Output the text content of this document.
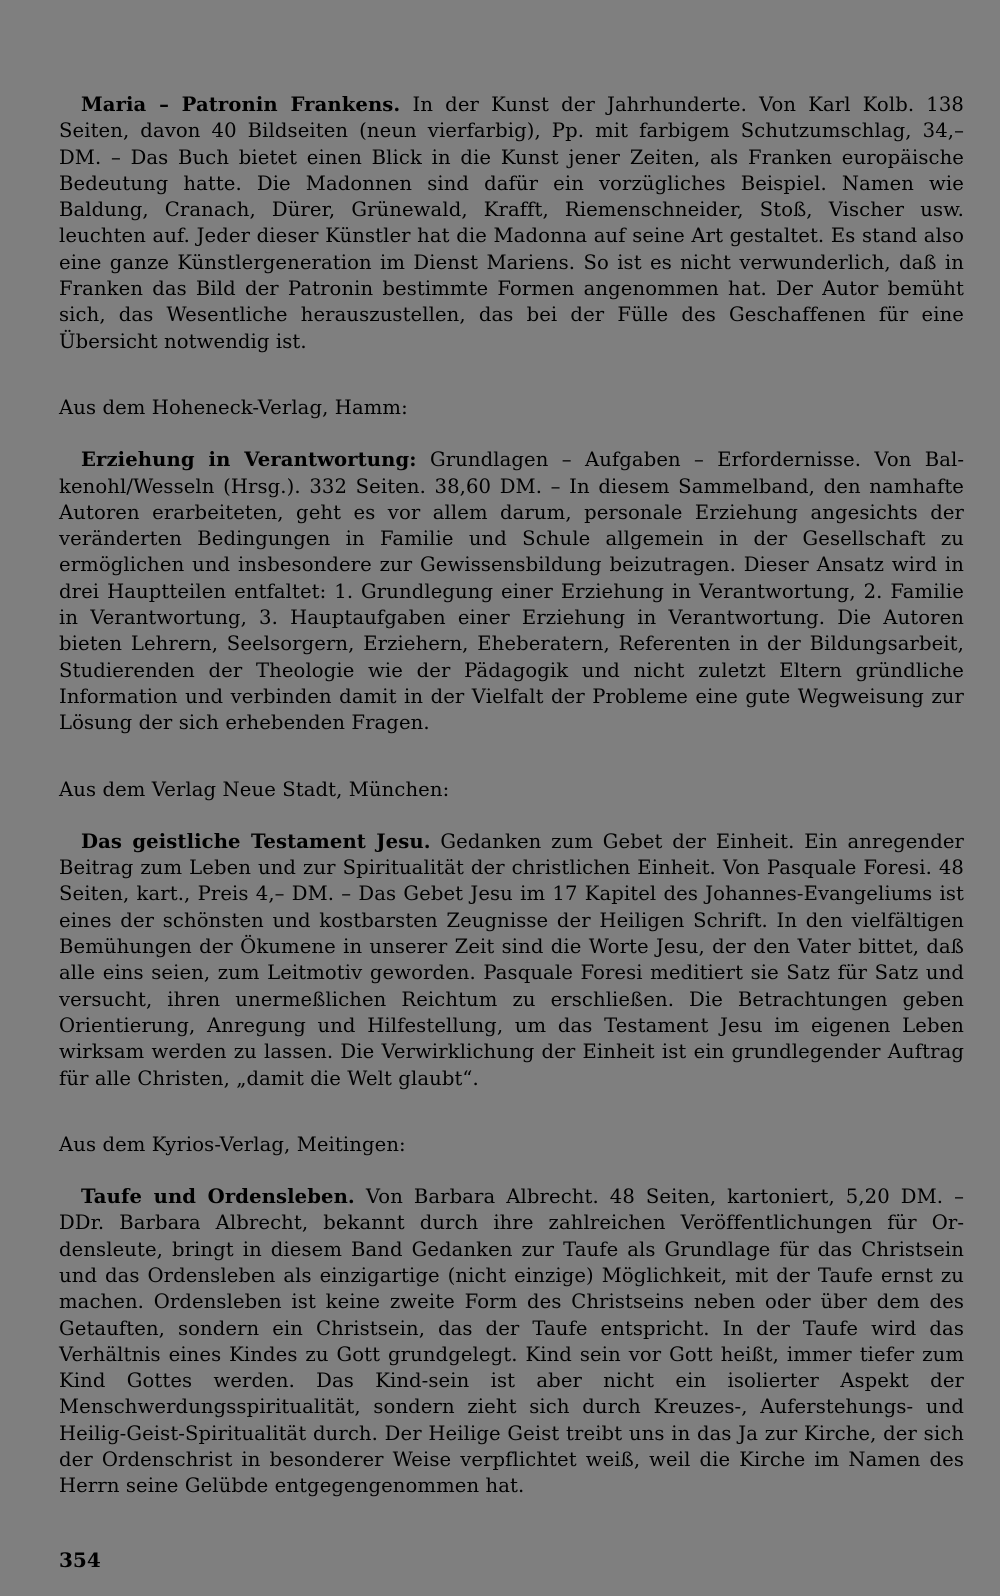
Maria – Patronin Frankens. In der Kunst der Jahrhunderte. Von Karl Kolb. 138 Seiten, davon 40 Bildseiten (neun vierfarbig), Pp. mit farbigem Schutzumschlag, 34,– DM. – Das Buch bietet einen Blick in die Kunst jener Zeiten, als Franken europäische Bedeutung hatte. Die Madonnen sind dafür ein vorzügliches Beispiel. Namen wie Baldung, Cranach, Dürer, Grünewald, Krafft, Riemenschneider, Stoß, Vischer usw. leuchten auf. Jeder dieser Künstler hat die Madonna auf seine Art gestaltet. Es stand also eine ganze Künstlergeneration im Dienst Mariens. So ist es nicht verwunderlich, daß in Franken das Bild der Patronin bestimmte Formen angenommen hat. Der Autor bemüht sich, das Wesentliche herauszustellen, das bei der Fülle des Geschaffenen für eine Übersicht notwendig ist.

Aus dem Hoheneck-Verlag, Hamm:

Erziehung in Verantwortung: Grundlagen – Aufgaben – Erfordernisse. Von Balkenohl/Wesseln (Hrsg.). 332 Seiten. 38,60 DM. – In diesem Sammelband, den namhafte Autoren erarbeiteten, geht es vor allem darum, personale Erziehung angesichts der veränderten Bedingungen in Familie und Schule allgemein in der Gesellschaft zu ermöglichen und insbesondere zur Gewissensbildung beizutragen. Dieser Ansatz wird in drei Hauptteilen entfaltet: 1. Grundlegung einer Erziehung in Verantwortung, 2. Familie in Verantwortung, 3. Hauptaufgaben einer Erziehung in Verantwortung. Die Autoren bieten Lehrern, Seelsorgern, Erziehern, Eheberatern, Referenten in der Bildungsarbeit, Studierenden der Theologie wie der Pädagogik und nicht zuletzt Eltern gründliche Information und verbinden damit in der Vielfalt der Probleme eine gute Wegweisung zur Lösung der sich erhebenden Fragen.

Aus dem Verlag Neue Stadt, München:

Das geistliche Testament Jesu. Gedanken zum Gebet der Einheit. Ein anregender Beitrag zum Leben und zur Spiritualität der christlichen Einheit. Von Pasquale Foresi. 48 Seiten, kart., Preis 4,– DM. – Das Gebet Jesu im 17 Kapitel des Johannes-Evangeliums ist eines der schönsten und kostbarsten Zeugnisse der Heiligen Schrift. In den vielfältigen Bemühungen der Ökumene in unserer Zeit sind die Worte Jesu, der den Vater bittet, daß alle eins seien, zum Leitmotiv geworden. Pasquale Foresi meditiert sie Satz für Satz und versucht, ihren unermeßlichen Reichtum zu erschließen. Die Betrachtungen geben Orientierung, Anregung und Hilfestellung, um das Testament Jesu im eigenen Leben wirksam werden zu lassen. Die Verwirklichung der Einheit ist ein grundlegender Auftrag für alle Christen, „damit die Welt glaubt“.

Aus dem Kyrios-Verlag, Meitingen:

Taufe und Ordensleben. Von Barbara Albrecht. 48 Seiten, kartoniert, 5,20 DM. – DDr. Barbara Albrecht, bekannt durch ihre zahlreichen Veröffentlichungen für Ordensleute, bringt in diesem Band Gedanken zur Taufe als Grundlage für das Christsein und das Ordensleben als einzigartige (nicht einzige) Möglichkeit, mit der Taufe ernst zu machen. Ordensleben ist keine zweite Form des Christseins neben oder über dem des Getauften, sondern ein Christsein, das der Taufe entspricht. In der Taufe wird das Verhältnis eines Kindes zu Gott grundgelegt. Kind sein vor Gott heißt, immer tiefer zum Kind Gottes werden. Das Kind-sein ist aber nicht ein isolierter Aspekt der Menschwerdungsspiritualität, sondern zieht sich durch Kreuzes-, Auferstehungs- und Heilig-Geist-Spiritualität durch. Der Heilige Geist treibt uns in das Ja zur Kirche, der sich der Ordenschrist in besonderer Weise verpflichtet weiß, weil die Kirche im Namen des Herrn seine Gelübde entgegengenommen hat.

354
